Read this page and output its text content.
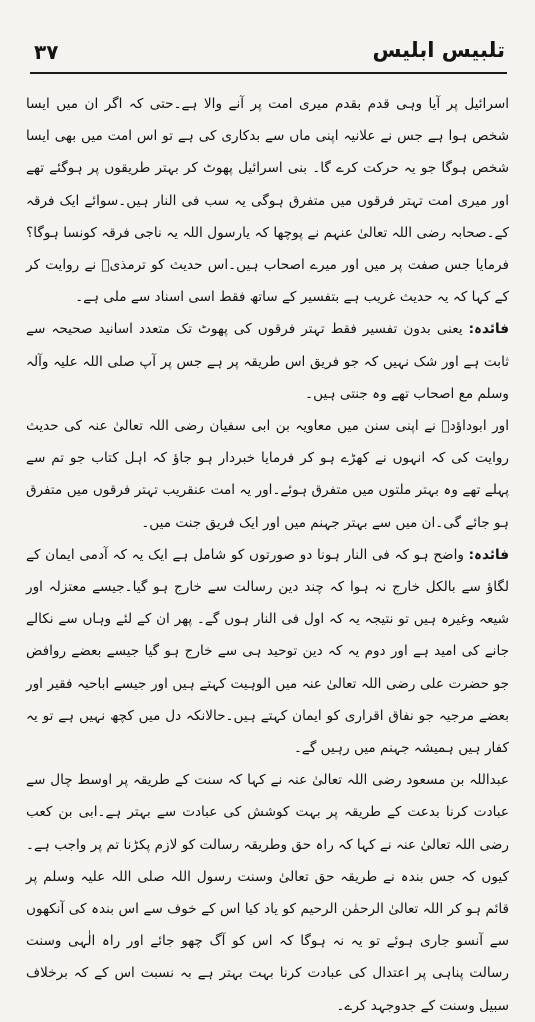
۳۷	تلبیس ابلیس

اسرائیل پر آیا وہی قدم بقدم میری امت پر آنے والا ہے۔حتی کہ اگر ان میں ایسا شخص ہوا ہے جس نے علانیہ اپنی ماں سے بدکاری کی ہے تو اس امت میں بھی ایسا شخص ہوگا جو یہ حرکت کرے گا۔ بنی اسرائیل پھوٹ کر بہتر طریقوں پر ہوگئے تھے اور میری امت تہتر فرقوں میں متفرق ہوگی یہ سب فی النار ہیں۔سوائے ایک فرقہ کے۔صحابہ رضی اللہ تعالیٰ عنہم نے پوچھا کہ یارسول اللہ یہ ناجی فرقہ کونسا ہوگا؟ فرمایا جس صفت پر میں اور میرے اصحاب ہیں۔اس حدیث کو ترمذیؒ نے روایت کر کے کہا کہ یہ حدیث غریب ہے بتفسیر کے ساتھ فقط اسی اسناد سے ملی ہے۔

فائدہ: یعنی بدون تفسیر فقط تہتر فرقوں کی پھوٹ تک متعدد اسانید صحیحہ سے ثابت ہے اور شک نہیں کہ جو فریق اس طریقہ پر ہے جس پر آپ صلی اللہ علیہ وآلہ وسلم مع اصحاب تھے وہ جنتی ہیں۔

اور ابوداؤدؒ نے اپنی سنن میں معاویہ بن ابی سفیان رضی اللہ تعالیٰ عنہ کی حدیث روایت کی کہ انہوں نے کھڑے ہو کر فرمایا خبردار ہو جاؤ کہ اہل کتاب جو تم سے پہلے تھے وہ بہتر ملتوں میں متفرق ہوئے۔اور یہ امت عنقریب تہتر فرقوں میں متفرق ہو جائے گی۔ان میں سے بہتر جہنم میں اور ایک فریق جنت میں۔

فائدہ: واضح ہو کہ فی النار ہونا دو صورتوں کو شامل ہے ایک یہ کہ آدمی ایمان کے لگاؤ سے بالکل خارج نہ ہوا کہ چند دین رسالت سے خارج ہو گیا۔جیسے معتزلہ اور شیعہ وغیرہ ہیں تو نتیجہ یہ کہ اول فی النار ہوں گے۔ پھر ان کے لئے وہاں سے نکالے جانے کی امید ہے اور دوم یہ کہ دین توحید ہی سے خارج ہو گیا جیسے بعضے روافض جو حضرت علی رضی اللہ تعالیٰ عنہ میں الوہیت کہتے ہیں اور جیسے اباحیہ فقیر اور بعضے مرجیہ جو نفاق اقراری کو ایمان کہتے ہیں۔حالانکہ دل میں کچھ نہیں ہے تو یہ کفار ہیں ہمیشہ جہنم میں رہیں گے۔

عبداللہ بن مسعود رضی اللہ تعالیٰ عنہ نے کہا کہ سنت کے طریقہ پر اوسط چال سے عبادت کرنا بدعت کے طریقہ پر بہت کوشش کی عبادت سے بہتر ہے۔ابی بن کعب رضی اللہ تعالیٰ عنہ نے کہا کہ راہ حق وطریقہ رسالت کو لازم پکڑنا تم پر واجب ہے۔کیوں کہ جس بندہ نے طریقہ حق تعالیٰ وسنت رسول اللہ صلی اللہ علیہ وسلم پر قائم ہو کر اللہ تعالیٰ الرحمٰن الرحیم کو یاد کیا اس کے خوف سے اس بندہ کی آنکھوں سے آنسو جاری ہوئے تو یہ نہ ہوگا کہ اس کو آگ چھو جائے اور راہ الٰہی وسنت رسالت پناہی پر اعتدال کی عبادت کرنا بہت بہتر ہے بہ نسبت اس کے کہ برخلاف سبیل وسنت کے جدوجہد کرے۔
